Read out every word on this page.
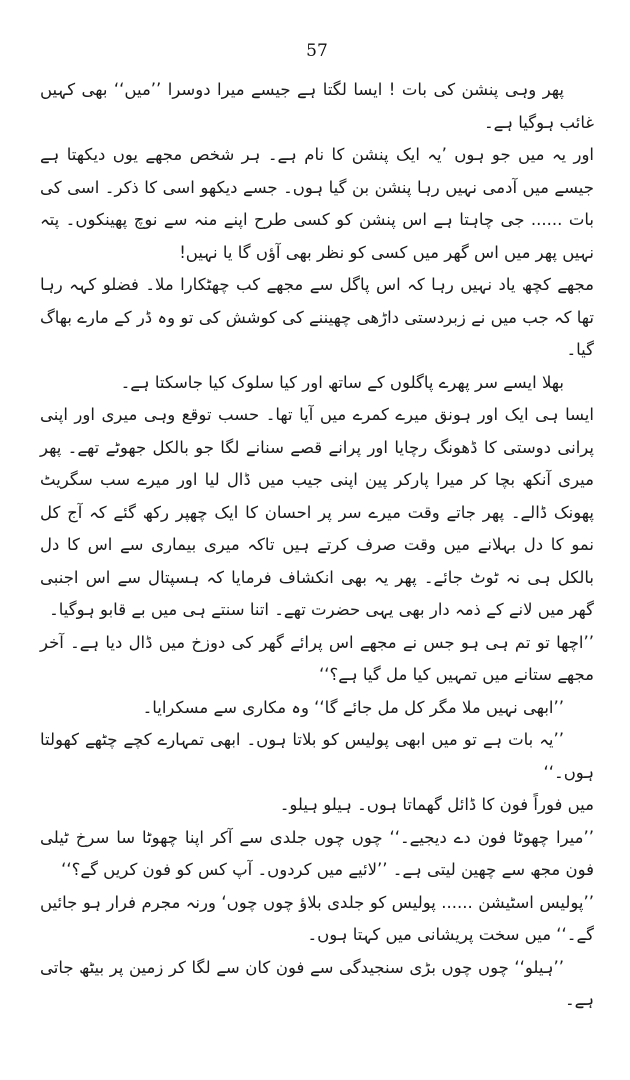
57

پھر وہی پنشن کی بات ! ایسا لگتا ہے جیسے میرا دوسرا ’’میں‘‘ بھی کہیں غائب ہوگیا ہے۔

اور یہ میں جو ہوں ’یہ ایک پنشن کا نام ہے۔ ہر شخص مجھے یوں دیکھتا ہے جیسے میں آدمی نہیں رہا پنشن بن گیا ہوں۔ جسے دیکھو اسی کا ذکر۔ اسی کی بات ...... جی چاہتا ہے اس پنشن کو کسی طرح اپنے منہ سے نوچ پھینکوں۔ پتہ نہیں پھر میں اس گھر میں کسی کو نظر بھی آؤں گا یا نہیں!

مجھے کچھ یاد نہیں رہا کہ اس پاگل سے مجھے کب چھٹکارا ملا۔ فضلو کہہ رہا تھا کہ جب میں نے زبردستی داڑھی چھیننے کی کوشش کی تو وہ ڈر کے مارے بھاگ گیا۔

بھلا ایسے سر پھرے پاگلوں کے ساتھ اور کیا سلوک کیا جاسکتا ہے۔

ایسا ہی ایک اور ہونق میرے کمرے میں آیا تھا۔ حسب توقع وہی میری اور اپنی پرانی دوستی کا ڈھونگ رچایا اور پرانے قصے سنانے لگا جو بالکل جھوٹے تھے۔ پھر میری آنکھ بچا کر میرا پارکر پین اپنی جیب میں ڈال لیا اور میرے سب سگریٹ پھونک ڈالے۔ پھر جاتے وقت میرے سر پر احسان کا ایک چھپر رکھ گئے کہ آج کل نمو کا دل بہلانے میں وقت صرف کرتے ہیں تاکہ میری بیماری سے اس کا دل بالکل ہی نہ ٹوٹ جائے۔ پھر یہ بھی انکشاف فرمایا کہ ہسپتال سے اس اجنبی گھر میں لانے کے ذمہ دار بھی یہی حضرت تھے۔ اتنا سنتے ہی میں بے قابو ہوگیا۔

’’اچھا تو تم ہی ہو جس نے مجھے اس پرائے گھر کی دوزخ میں ڈال دیا ہے۔ آخر مجھے ستانے میں تمہیں کیا مل گیا ہے؟‘‘

’’ابھی نہیں ملا مگر کل مل جائے گا‘‘ وہ مکاری سے مسکرایا۔

’’یہ بات ہے تو میں ابھی پولیس کو بلاتا ہوں۔ ابھی تمہارے کچے چٹھے کھولتا ہوں۔‘‘

میں فوراً فون کا ڈائل گھماتا ہوں۔ ہیلو ہیلو۔

’’میرا چھوٹا فون دے دیجیے۔‘‘ چوں چوں جلدی سے آکر اپنا چھوٹا سا سرخ ٹیلی فون مجھ سے چھین لیتی ہے۔ ’’لائیے میں کردوں۔ آپ کس کو فون کریں گے؟‘‘

’’پولیس اسٹیشن ...... پولیس کو جلدی بلاؤ چوں چوں‘ ورنہ مجرم فرار ہو جائیں گے۔‘‘ میں سخت پریشانی میں کہتا ہوں۔

’’ہیلو‘‘ چوں چوں بڑی سنجیدگی سے فون کان سے لگا کر زمین پر بیٹھ جاتی ہے۔
